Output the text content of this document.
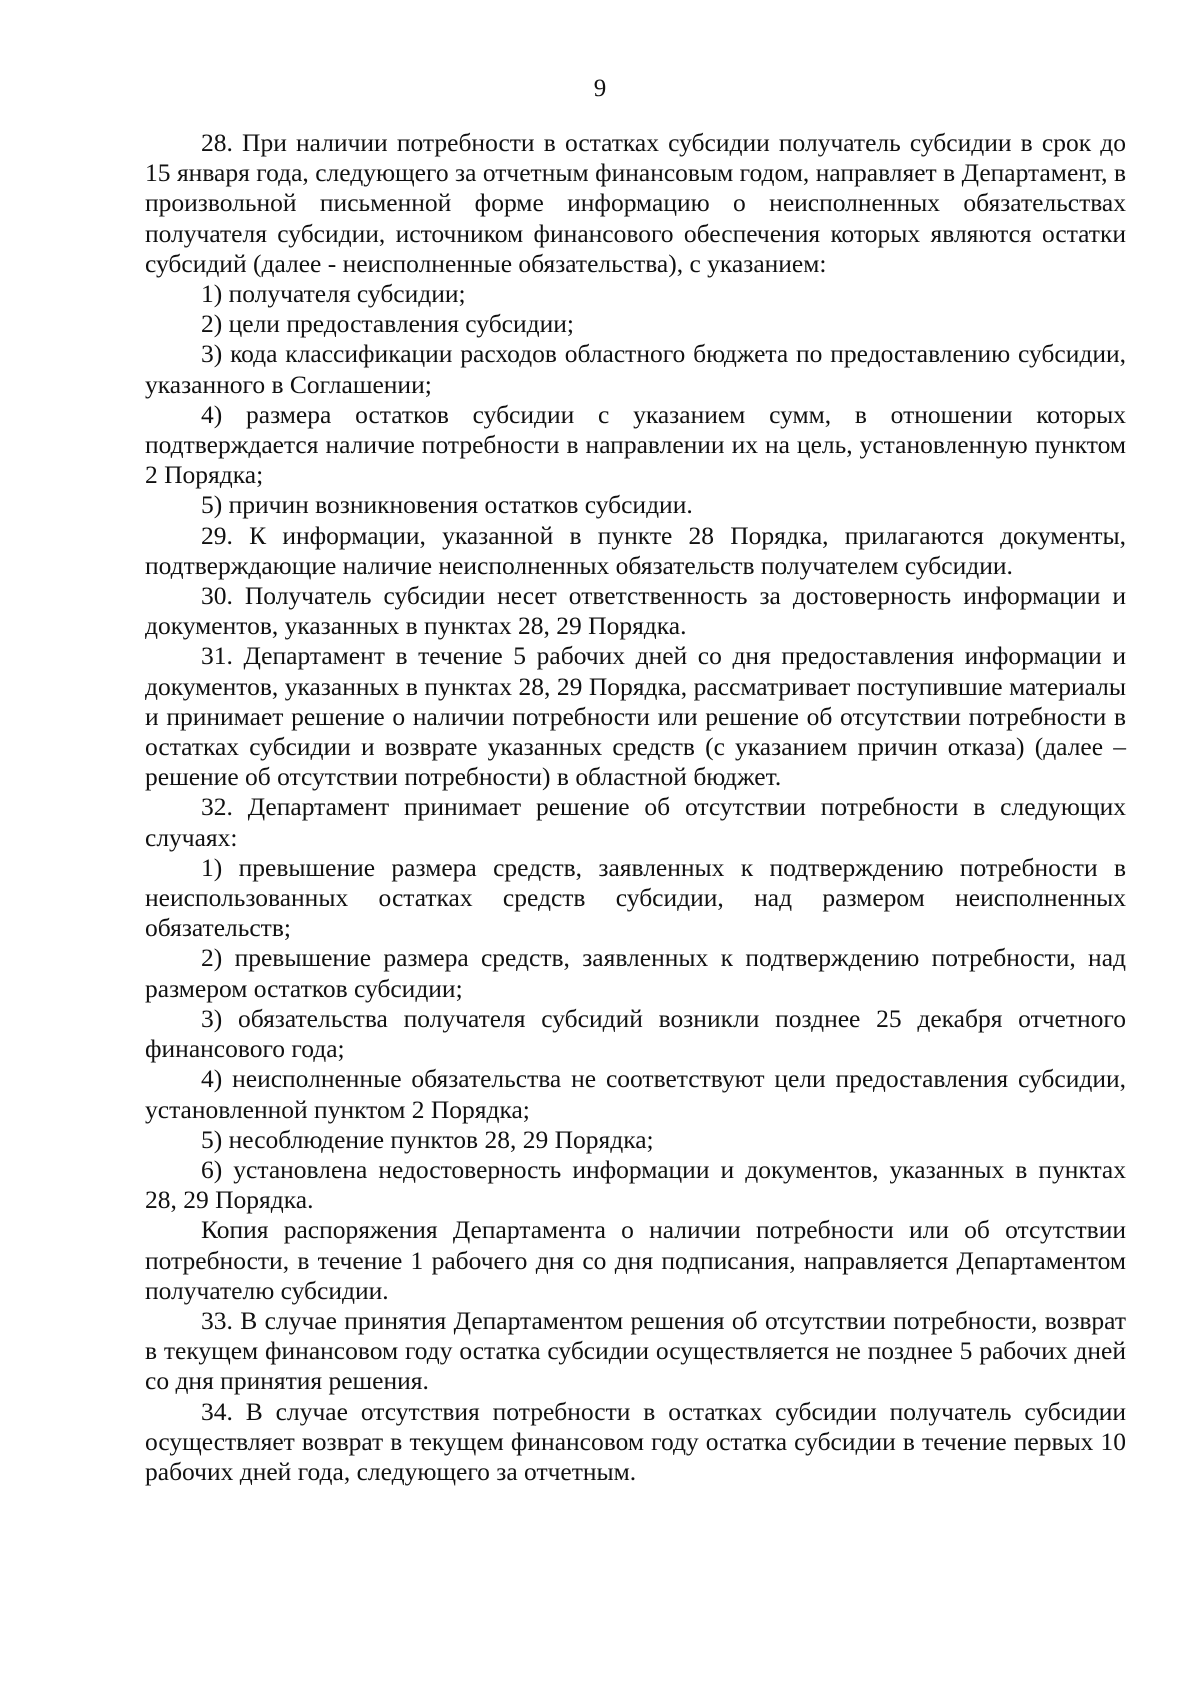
9

28. При наличии потребности в остатках субсидии получатель субсидии в срок до 15 января года, следующего за отчетным финансовым годом, направляет в Департамент, в произвольной письменной форме информацию о неисполненных обязательствах получателя субсидии, источником финансового обеспечения которых являются остатки субсидий (далее - неисполненные обязательства), с указанием:

1) получателя субсидии;

2) цели предоставления субсидии;

3) кода классификации расходов областного бюджета по предоставлению субсидии, указанного в Соглашении;

4) размера остатков субсидии с указанием сумм, в отношении которых подтверждается наличие потребности в направлении их на цель, установленную пунктом 2 Порядка;

5) причин возникновения остатков субсидии.

29. К информации, указанной в пункте 28 Порядка, прилагаются документы, подтверждающие наличие неисполненных обязательств получателем субсидии.

30. Получатель субсидии несет ответственность за достоверность информации и документов, указанных в пунктах 28, 29 Порядка.

31. Департамент в течение 5 рабочих дней со дня предоставления информации и документов, указанных в пунктах 28, 29 Порядка, рассматривает поступившие материалы и принимает решение о наличии потребности или решение об отсутствии потребности в остатках субсидии и возврате указанных средств (с указанием причин отказа) (далее – решение об отсутствии потребности) в областной бюджет.

32. Департамент принимает решение об отсутствии потребности в следующих случаях:

1) превышение размера средств, заявленных к подтверждению потребности в неиспользованных остатках средств субсидии, над размером неисполненных обязательств;

2) превышение размера средств, заявленных к подтверждению потребности, над размером остатков субсидии;

3) обязательства получателя субсидий возникли позднее 25 декабря отчетного финансового года;

4) неисполненные обязательства не соответствуют цели предоставления субсидии, установленной пунктом 2 Порядка;

5) несоблюдение пунктов 28, 29 Порядка;

6) установлена недостоверность информации и документов, указанных в пунктах 28, 29 Порядка.

Копия распоряжения Департамента о наличии потребности или об отсутствии потребности, в течение 1 рабочего дня со дня подписания, направляется Департаментом получателю субсидии.

33. В случае принятия Департаментом решения об отсутствии потребности, возврат в текущем финансовом году остатка субсидии осуществляется не позднее 5 рабочих дней со дня принятия решения.

34. В случае отсутствия потребности в остатках субсидии получатель субсидии осуществляет возврат в текущем финансовом году остатка субсидии в течение первых 10 рабочих дней года, следующего за отчетным.
